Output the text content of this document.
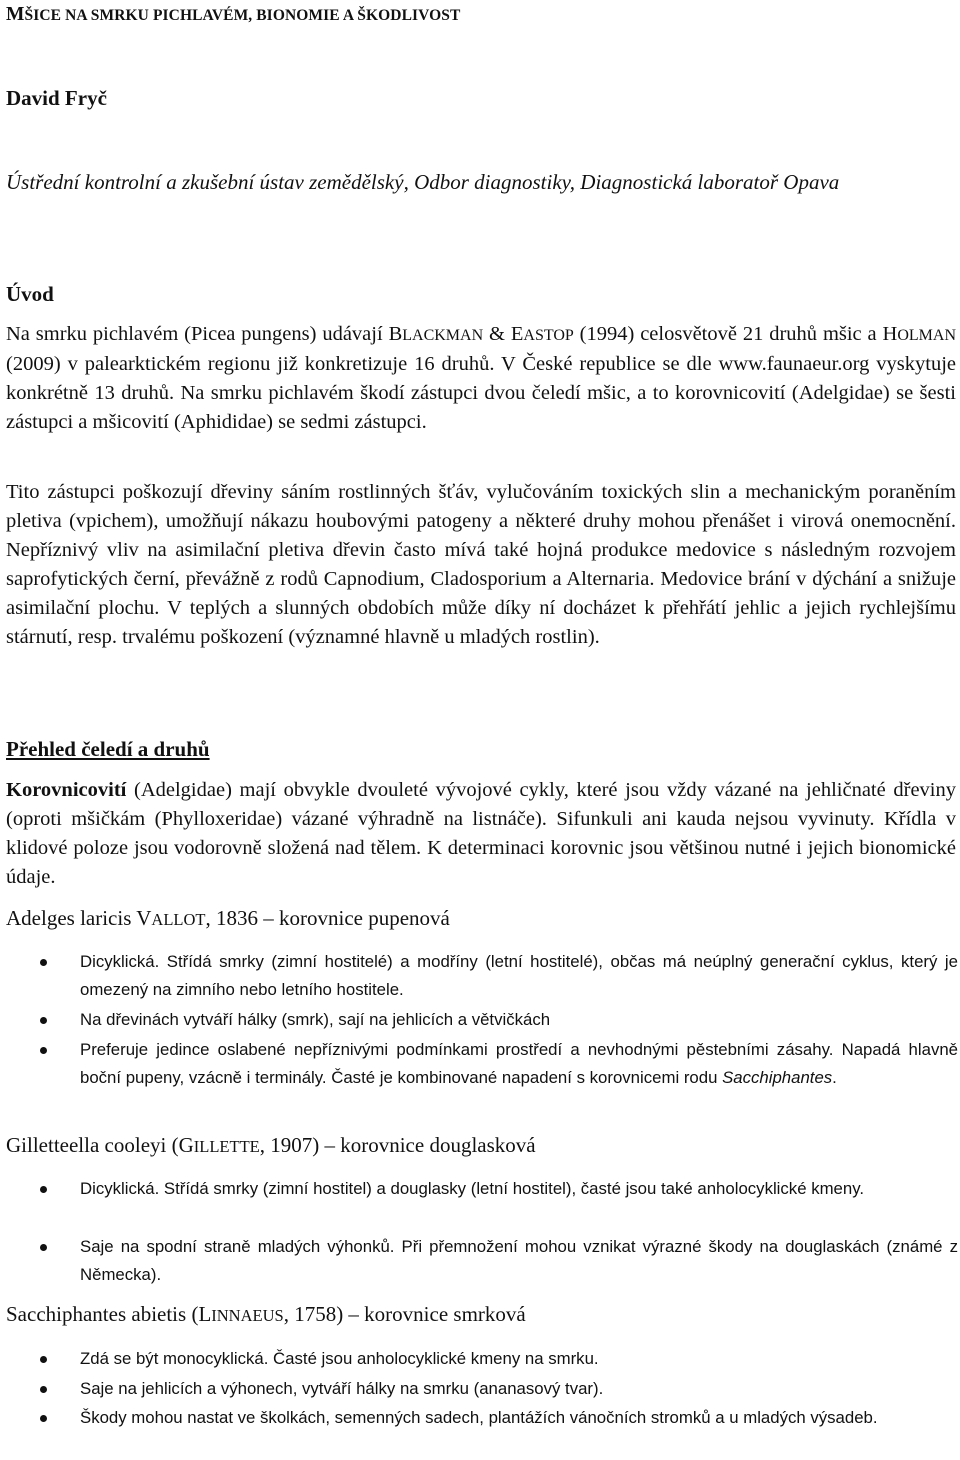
MŠICE NA SMRKU PICHLAVÉM, BIONOMIE A ŠKODLIVOST
David Fryč
Ústřední kontrolní a zkušební ústav zemědělský, Odbor diagnostiky, Diagnostická laboratoř Opava
Úvod
Na smrku pichlavém (Picea pungens) udávají BLACKMAN & EASTOP (1994) celosvětově 21 druhů mšic a HOLMAN (2009) v palearktickém regionu již konkretizuje 16 druhů. V České republice se dle www.faunaeur.org vyskytuje konkrétně 13 druhů. Na smrku pichlavém škodí zástupci dvou čeledí mšic, a to korovnicovití (Adelgidae) se šesti zástupci a mšicovití (Aphididae) se sedmi zástupci.
Tito zástupci poškozují dřeviny sáním rostlinných šťáv, vylučováním toxických slin a mechanickým poraněním pletiva (vpichem), umožňují nákazu houbovými patogeny a některé druhy mohou přenášet i virová onemocnění. Nepříznivý vliv na asimilační pletiva dřevin často mívá také hojná produkce medovice s následným rozvojem saprofytických černí, převážně z rodů Capnodium, Cladosporium a Alternaria. Medovice brání v dýchání a snižuje asimilační plochu. V teplých a slunných obdobích může díky ní docházet k přehřátí jehlic a jejich rychlejšímu stárnutí, resp. trvalému poškození (významné hlavně u mladých rostlin).
Přehled čeledí a druhů
Korovnicovití (Adelgidae) mají obvykle dvouleté vývojové cykly, které jsou vždy vázané na jehličnaté dřeviny (oproti mšičkám (Phylloxeridae) vázané výhradně na listnáče). Sifunkuli ani kauda nejsou vyvinuty. Křídla v klidové poloze jsou vodorovně složená nad tělem. K determinaci korovnic jsou většinou nutné i jejich bionomické údaje.
Adelges laricis VALLOT, 1836 – korovnice pupenová
Dicyklická. Střídá smrky (zimní hostitelé) a modříny (letní hostitelé), občas má neúplný generační cyklus, který je omezený na zimního nebo letního hostitele.
Na dřevinách vytváří hálky (smrk), sají na jehlicích a větvičkách
Preferuje jedince oslabené nepříznivými podmínkami prostředí a nevhodnými pěstebními zásahy. Napadá hlavně boční pupeny, vzácně i terminály. Časté je kombinované napadení s korovnicemi rodu Sacchiphantes.
Gilletteella cooleyi (GILLETTE, 1907) – korovnice douglasková
Dicyklická. Střídá smrky (zimní hostitel) a douglasky (letní hostitel), časté jsou také anholocyklické kmeny.
Saje na spodní straně mladých výhonků. Při přemnožení mohou vznikat výrazné škody na douglaskách (známé z Německa).
Sacchiphantes abietis (LINNAEUS, 1758) – korovnice smrková
Zdá se být monocyklická. Časté jsou anholocyklické kmeny na smrku.
Saje na jehlicích a výhonech, vytváří hálky na smrku (ananasový tvar).
Škody mohou nastat ve školkách, semenných sadech, plantážích vánočních stromků a u mladých výsadeb.
